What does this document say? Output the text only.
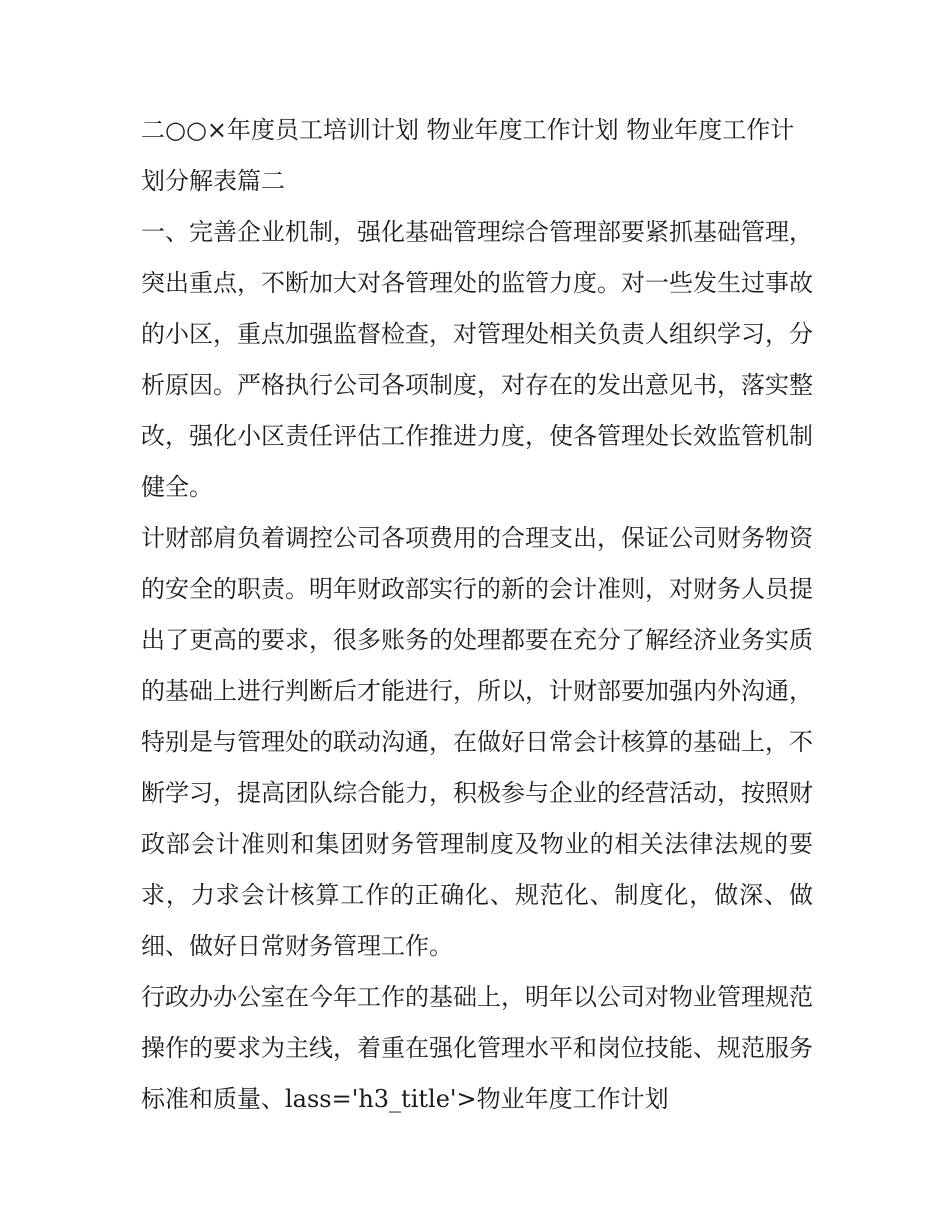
二○○×年度员工培训计划 物业年度工作计划 物业年度工作计划分解表篇二

一、完善企业机制，强化基础管理综合管理部要紧抓基础管理，突出重点，不断加大对各管理处的监管力度。对一些发生过事故的小区，重点加强监督检查，对管理处相关负责人组织学习，分析原因。严格执行公司各项制度，对存在的发出意见书，落实整改，强化小区责任评估工作推进力度，使各管理处长效监管机制健全。

计财部肩负着调控公司各项费用的合理支出，保证公司财务物资的安全的职责。明年财政部实行的新的会计准则，对财务人员提出了更高的要求，很多账务的处理都要在充分了解经济业务实质的基础上进行判断后才能进行，所以，计财部要加强内外沟通，特别是与管理处的联动沟通，在做好日常会计核算的基础上，不断学习，提高团队综合能力，积极参与企业的经营活动，按照财政部会计准则和集团财务管理制度及物业的相关法律法规的要求，力求会计核算工作的正确化、规范化、制度化，做深、做细、做好日常财务管理工作。

行政办办公室在今年工作的基础上，明年以公司对物业管理规范操作的要求为主线，着重在强化管理水平和岗位技能、规范服务标准和质量、lass='h3_title'>物业年度工作计划
